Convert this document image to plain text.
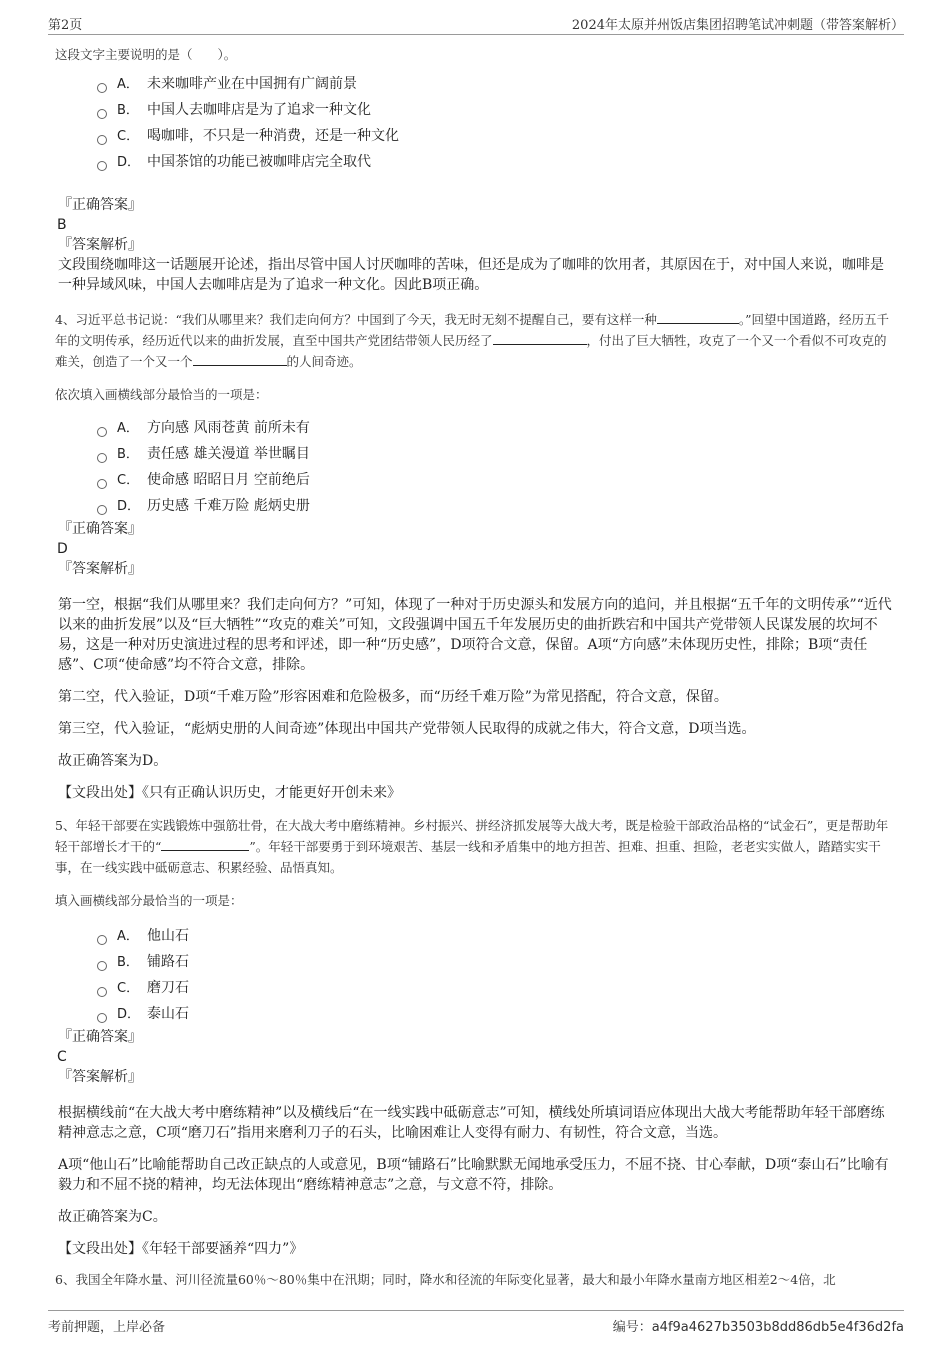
第2页	2024年太原并州饭店集团招聘笔试冲刺题（带答案解析）

这段文字主要说明的是（　　）。

A． 未来咖啡产业在中国拥有广阔前景
B． 中国人去咖啡店是为了追求一种文化
C． 喝咖啡，不只是一种消费，还是一种文化
D． 中国茶馆的功能已被咖啡店完全取代
『正确答案』
B
『答案解析』

文段围绕咖啡这一话题展开论述，指出尽管中国人讨厌咖啡的苦味，但还是成为了咖啡的饮用者，其原因在于，对中国人来说，咖啡是一种异域风味，中国人去咖啡店是为了追求一种文化。因此B项正确。

4、习近平总书记说：“我们从哪里来？我们走向何方？中国到了今天，我无时无刻不提醒自己，要有这样一种	。”回望中国道路，经历五千年的文明传承，经历近代以来的曲折发展，直至中国共产党团结带领人民历经了	，付出了巨大牺牲，攻克了一个又一个看似不可攻克的难关，创造了一个又一个	的人间奇迹。

依次填入画横线部分最恰当的一项是：

A． 方向感 风雨苍黄 前所未有
B． 责任感 雄关漫道 举世瞩目
C． 使命感 昭昭日月 空前绝后
D． 历史感 千难万险 彪炳史册
『正确答案』
D
『答案解析』

第一空，根据“我们从哪里来？我们走向何方？”可知，体现了一种对于历史源头和发展方向的追问，并且根据“五千年的文明传承”“近代以来的曲折发展”以及“巨大牺牲”“攻克的难关”可知，文段强调中国五千年发展历史的曲折跌宕和中国共产党带领人民谋发展的坎坷不易，这是一种对历史演进过程的思考和评述，即一种“历史感”，D项符合文意，保留。A项“方向感”未体现历史性，排除；B项“责任感”、C项“使命感”均不符合文意，排除。

第二空，代入验证，D项“千难万险”形容困难和危险极多，而“历经千难万险”为常见搭配，符合文意，保留。

第三空，代入验证，“彪炳史册的人间奇迹”体现出中国共产党带领人民取得的成就之伟大，符合文意，D项当选。

故正确答案为D。

【文段出处】《只有正确认识历史，才能更好开创未来》

5、年轻干部要在实践锻炼中强筋壮骨，在大战大考中磨练精神。乡村振兴、拼经济抓发展等大战大考，既是检验干部政治品格的“试金石”，更是帮助年轻干部增长才干的“	”。年轻干部要勇于到环境艰苦、基层一线和矛盾集中的地方担苦、担难、担重、担险，老老实实做人，踏踏实实干事，在一线实践中砥砺意志、积累经验、品悟真知。

填入画横线部分最恰当的一项是：

A． 他山石
B． 铺路石
C． 磨刀石
D． 泰山石
『正确答案』
C
『答案解析』

根据横线前“在大战大考中磨练精神”以及横线后“在一线实践中砥砺意志”可知，横线处所填词语应体现出大战大考能帮助年轻干部磨练精神意志之意，C项“磨刀石”指用来磨利刀子的石头，比喻困难让人变得有耐力、有韧性，符合文意，当选。

A项“他山石”比喻能帮助自己改正缺点的人或意见，B项“铺路石”比喻默默无闻地承受压力，不屈不挠、甘心奉献，D项“泰山石”比喻有毅力和不屈不挠的精神，均无法体现出“磨练精神意志”之意，与文意不符，排除。

故正确答案为C。

【文段出处】《年轻干部要涵养“四力”》

6、我国全年降水量、河川径流量60％～80％集中在汛期；同时，降水和径流的年际变化显著，最大和最小年降水量南方地区相差2～4倍，北

考前押题，上岸必备	编号：a4f9a4627b3503b8dd86db5e4f36d2fa
